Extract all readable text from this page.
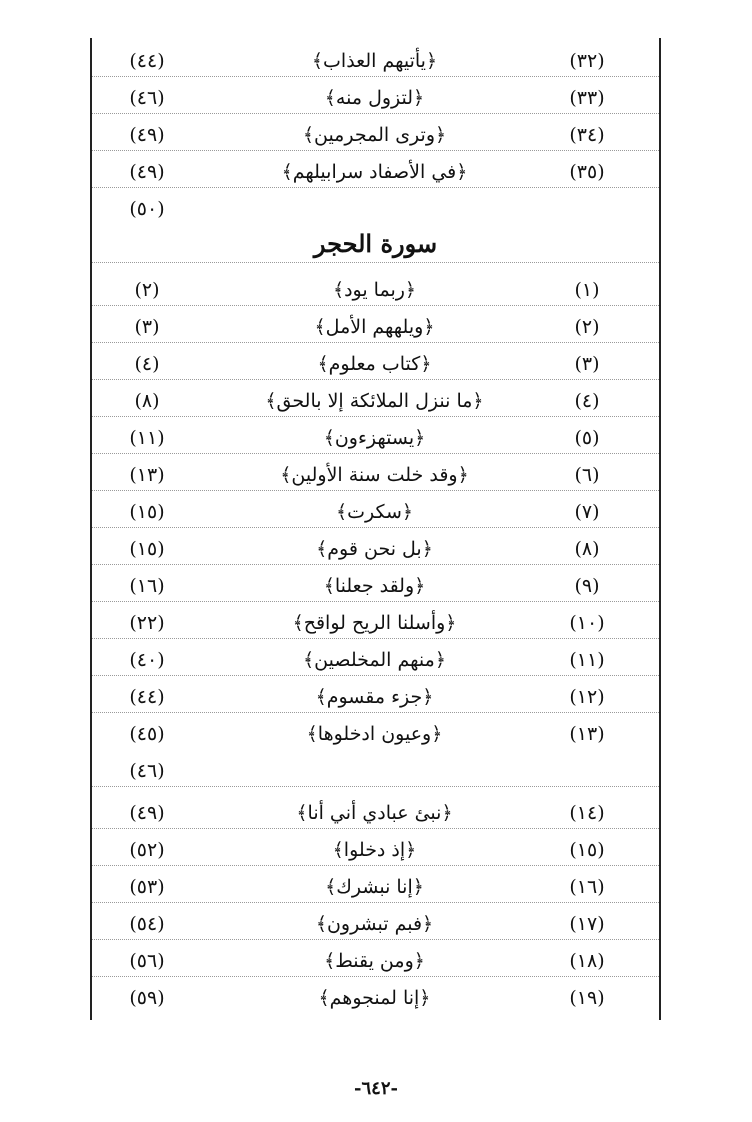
(٣٢)
﴿يأتيهم العذاب﴾
(٤٤)
(٣٣)
﴿لتزول منه﴾
(٤٦)
(٣٤)
﴿وترى المجرمين﴾
(٤٩)
(٣٥)
﴿في الأصفاد سرابيلهم﴾
(٤٩)
(٥٠)
سورة الحجر
(١)
﴿ربما يود﴾
(٢)
(٢)
﴿ويلههم الأمل﴾
(٣)
(٣)
﴿كتاب معلوم﴾
(٤)
(٤)
﴿ما ننزل الملائكة إلا بالحق﴾
(٨)
(٥)
﴿يستهزءون﴾
(١١)
(٦)
﴿وقد خلت سنة الأولين﴾
(١٣)
(٧)
﴿سكرت﴾
(١٥)
(٨)
﴿بل نحن قوم﴾
(١٥)
(٩)
﴿ولقد جعلنا﴾
(١٦)
(١٠)
﴿وأسلنا الريح لواقح﴾
(٢٢)
(١١)
﴿منهم المخلصين﴾
(٤٠)
(١٢)
﴿جزء مقسوم﴾
(٤٤)
(١٣)
﴿وعيون ادخلوها﴾
(٤٥)
(٤٦)
(١٤)
﴿نبئ عبادي أني أنا﴾
(٤٩)
(١٥)
﴿إذ دخلوا﴾
(٥٢)
(١٦)
﴿إنا نبشرك﴾
(٥٣)
(١٧)
﴿فبم تبشرون﴾
(٥٤)
(١٨)
﴿ومن يقنط﴾
(٥٦)
(١٩)
﴿إنا لمنجوهم﴾
(٥٩)
-٦٤٢-
